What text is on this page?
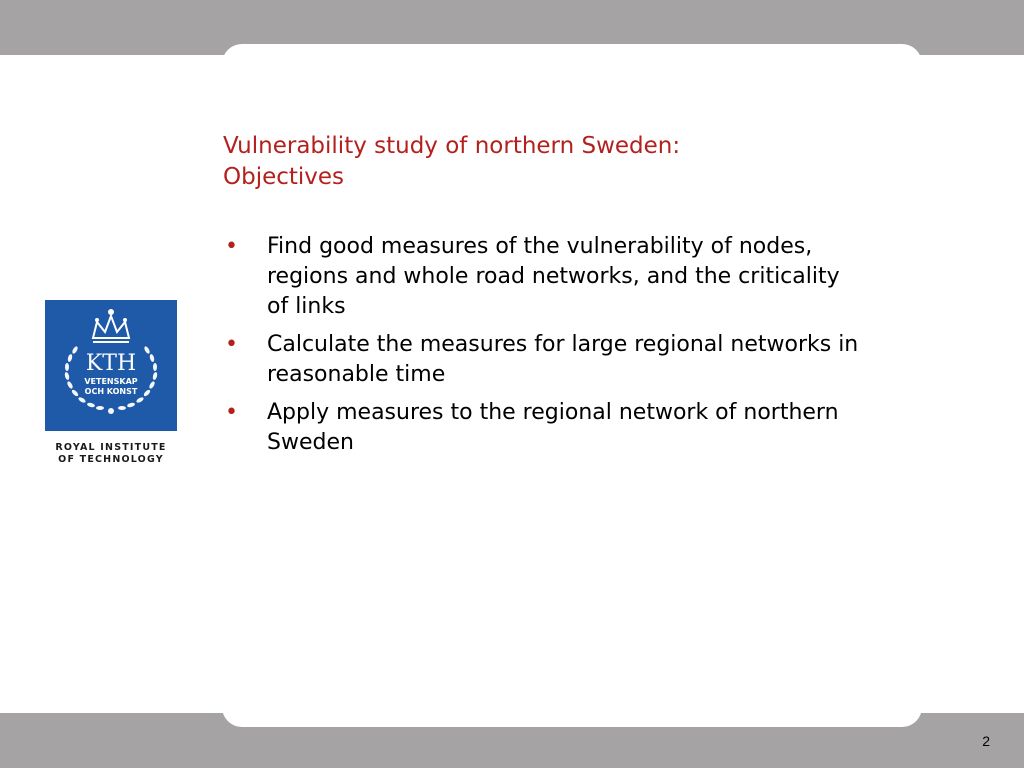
Vulnerability study of northern Sweden:
Objectives
• Find good measures of the vulnerability of nodes, regions and whole road networks, and the criticality of links
• Calculate the measures for large regional networks in reasonable time
• Apply measures to the regional network of northern Sweden
KTH
VETENSKAP
OCH KONST
ROYAL INSTITUTE
OF TECHNOLOGY
2
